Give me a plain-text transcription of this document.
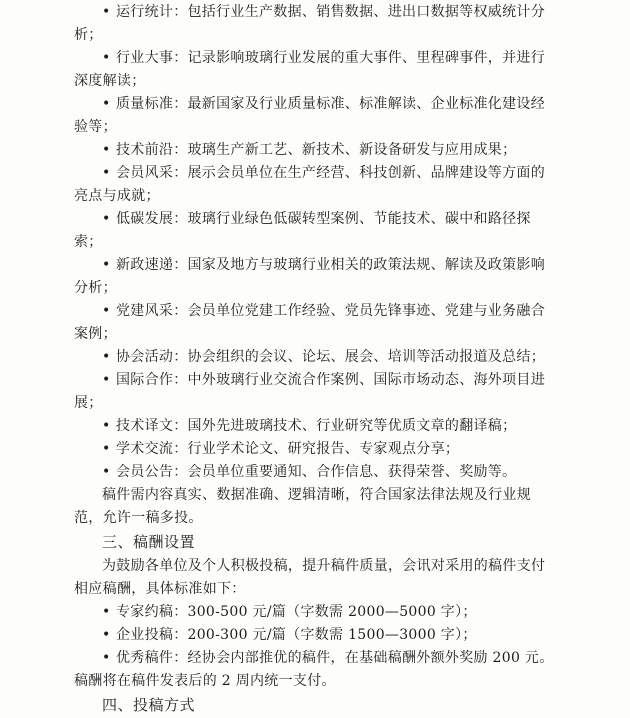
• 运行统计：包括行业生产数据、销售数据、进出口数据等权威统计分
析；
• 行业大事：记录影响玻璃行业发展的重大事件、里程碑事件，并进行
深度解读；
• 质量标准：最新国家及行业质量标准、标准解读、企业标准化建设经
验等；
• 技术前沿：玻璃生产新工艺、新技术、新设备研发与应用成果；
• 会员风采：展示会员单位在生产经营、科技创新、品牌建设等方面的
亮点与成就；
• 低碳发展：玻璃行业绿色低碳转型案例、节能技术、碳中和路径探
索；
• 新政速递：国家及地方与玻璃行业相关的政策法规、解读及政策影响
分析；
• 党建风采：会员单位党建工作经验、党员先锋事迹、党建与业务融合
案例；
• 协会活动：协会组织的会议、论坛、展会、培训等活动报道及总结；
• 国际合作：中外玻璃行业交流合作案例、国际市场动态、海外项目进
展；
• 技术译文：国外先进玻璃技术、行业研究等优质文章的翻译稿；
• 学术交流：行业学术论文、研究报告、专家观点分享；
• 会员公告：会员单位重要通知、合作信息、获得荣誉、奖励等。
稿件需内容真实、数据准确、逻辑清晰，符合国家法律法规及行业规
范，允许一稿多投。
三、稿酬设置
为鼓励各单位及个人积极投稿，提升稿件质量，会讯对采用的稿件支付
相应稿酬，具体标准如下：
• 专家约稿：300-500 元/篇（字数需 2000—5000 字）；
• 企业投稿：200-300 元/篇（字数需 1500—3000 字）；
• 优秀稿件：经协会内部推优的稿件，在基础稿酬外额外奖励 200 元。
稿酬将在稿件发表后的 2 周内统一支付。
四、投稿方式
